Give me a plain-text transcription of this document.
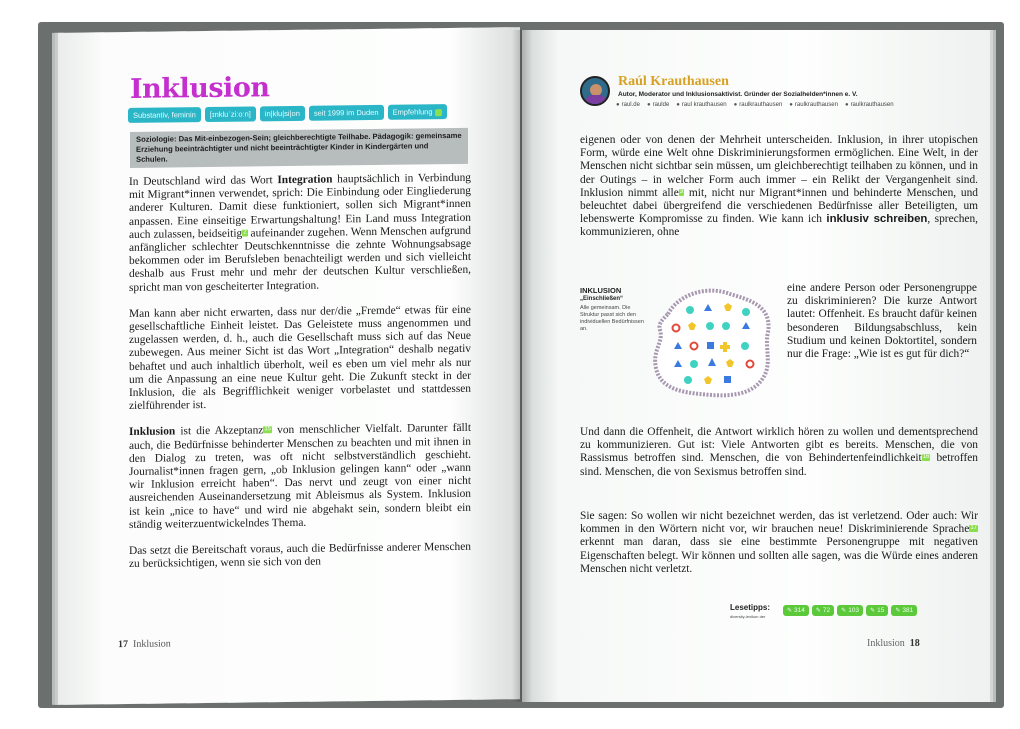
Inklusion
Substantiv, feminin	[ɪnkluˈziːoːn]	in|klu|si|on	seit 1999 im Duden	Empfehlung
Soziologie: Das Mit-einbezogen-Sein; gleichberechtigte Teilhabe. Pädagogik: gemeinsame Erziehung beeinträchtigter und nicht beeinträchtigter Kinder in Kindergärten und Schulen.

In Deutschland wird das Wort Integration hauptsächlich in Verbindung mit Migrant*innen verwendet, sprich: Die Einbindung oder Eingliederung anderer Kulturen. Damit diese funktioniert, sollen sich Migrant*innen anpassen. Eine einseitige Erwartungshaltung! Ein Land muss Integration auch zulassen, beidseitig2 aufeinander zugehen. Wenn Menschen aufgrund anfänglicher schlechter Deutschkenntnisse die zehnte Wohnungsabsage bekommen oder im Berufsleben benachteiligt werden und sich vielleicht deshalb aus Frust mehr und mehr der deutschen Kultur verschließen, spricht man von gescheiterter Integration.

Man kann aber nicht erwarten, dass nur der/die „Fremde“ etwas für eine gesellschaftliche Einheit leistet. Das Geleistete muss angenommen und zugelassen werden, d. h., auch die Gesellschaft muss sich auf das Neue zubewegen. Aus meiner Sicht ist das Wort „Integration“ deshalb negativ behaftet und auch inhaltlich überholt, weil es eben um viel mehr als nur um die Anpassung an eine neue Kultur geht. Die Zukunft steckt in der Inklusion, die als Begrifflichkeit weniger vorbelastet und stattdessen zielführender ist.

Inklusion ist die Akzeptanz15 von menschlicher Vielfalt. Darunter fällt auch, die Bedürfnisse behinderter Menschen zu beachten und mit ihnen in den Dialog zu treten, was oft nicht selbstverständlich geschieht. Journalist*innen fragen gern, „ob Inklusion gelingen kann“ oder „wann wir Inklusion erreicht haben“. Das nervt und zeugt von einer nicht ausreichenden Auseinandersetzung mit Ableismus als System. Inklusion ist kein „nice to have“ und wird nie abgehakt sein, sondern bleibt ein ständig weiterzuentwickelndes Thema.

Das setzt die Bereitschaft voraus, auch die Bedürfnisse anderer Menschen zu berücksichtigen, wenn sie sich von den

17 Inklusion
Raúl Krauthausen
Autor, Moderator und Inklusionsaktivist. Gründer der Sozialhelden*innen e. V.
● raul.de	● raulde	● raul krauthausen	● raulkrauthausen	● raulkrauthausen	● raulkrauthausen
eigenen oder von denen der Mehrheit unterscheiden. Inklusion, in ihrer utopischen Form, würde eine Welt ohne Diskriminierungsformen ermöglichen. Eine Welt, in der Menschen nicht sichtbar sein müssen, um gleichberechtigt teilhaben zu können, und in der Outings – in welcher Form auch immer – ein Relikt der Vergangenheit sind. Inklusion nimmt alle3 mit, nicht nur Migrant*innen und behinderte Menschen, und beleuchtet dabei übergreifend die verschiedenen Bedürfnisse aller Beteiligten, um lebenswerte Kompromisse zu finden. Wie kann ich inklusiv schreiben, sprechen, kommunizieren, ohne
INKLUSION
„Einschließen“
Alle gemeinsam. Die Struktur passt sich den individuellen Bedürfnissen an.
eine andere Person oder Personengruppe zu diskriminieren? Die kurze Antwort lautet: Offenheit. Es braucht dafür keinen besonderen Bildungsabschluss, kein Studium und keinen Doktortitel, sondern nur die Frage: „Wie ist es gut für dich?“
Und dann die Offenheit, die Antwort wirklich hören zu wollen und dementsprechend zu kommunizieren. Gut ist: Viele Antworten gibt es bereits. Menschen, die von Rassismus betroffen sind. Menschen, die von Behindertenfeindlichkeit16 betroffen sind. Menschen, die von Sexismus betroffen sind.
Sie sagen: So wollen wir nicht bezeichnet werden, das ist verletzend. Oder auch: Wir kommen in den Wörtern nicht vor, wir brauchen neue! Diskriminierende Sprache17 erkennt man daran, dass sie eine bestimmte Personengruppe mit negativen Eigenschaften belegt. Wir können und sollten alle sagen, was die Würde eines anderen Menschen nicht verletzt.
Lesetipps:
diversity-lexikon der
✎ 314	✎ 72	✎ 103	✎ 15	✎ 381
Inklusion 18
